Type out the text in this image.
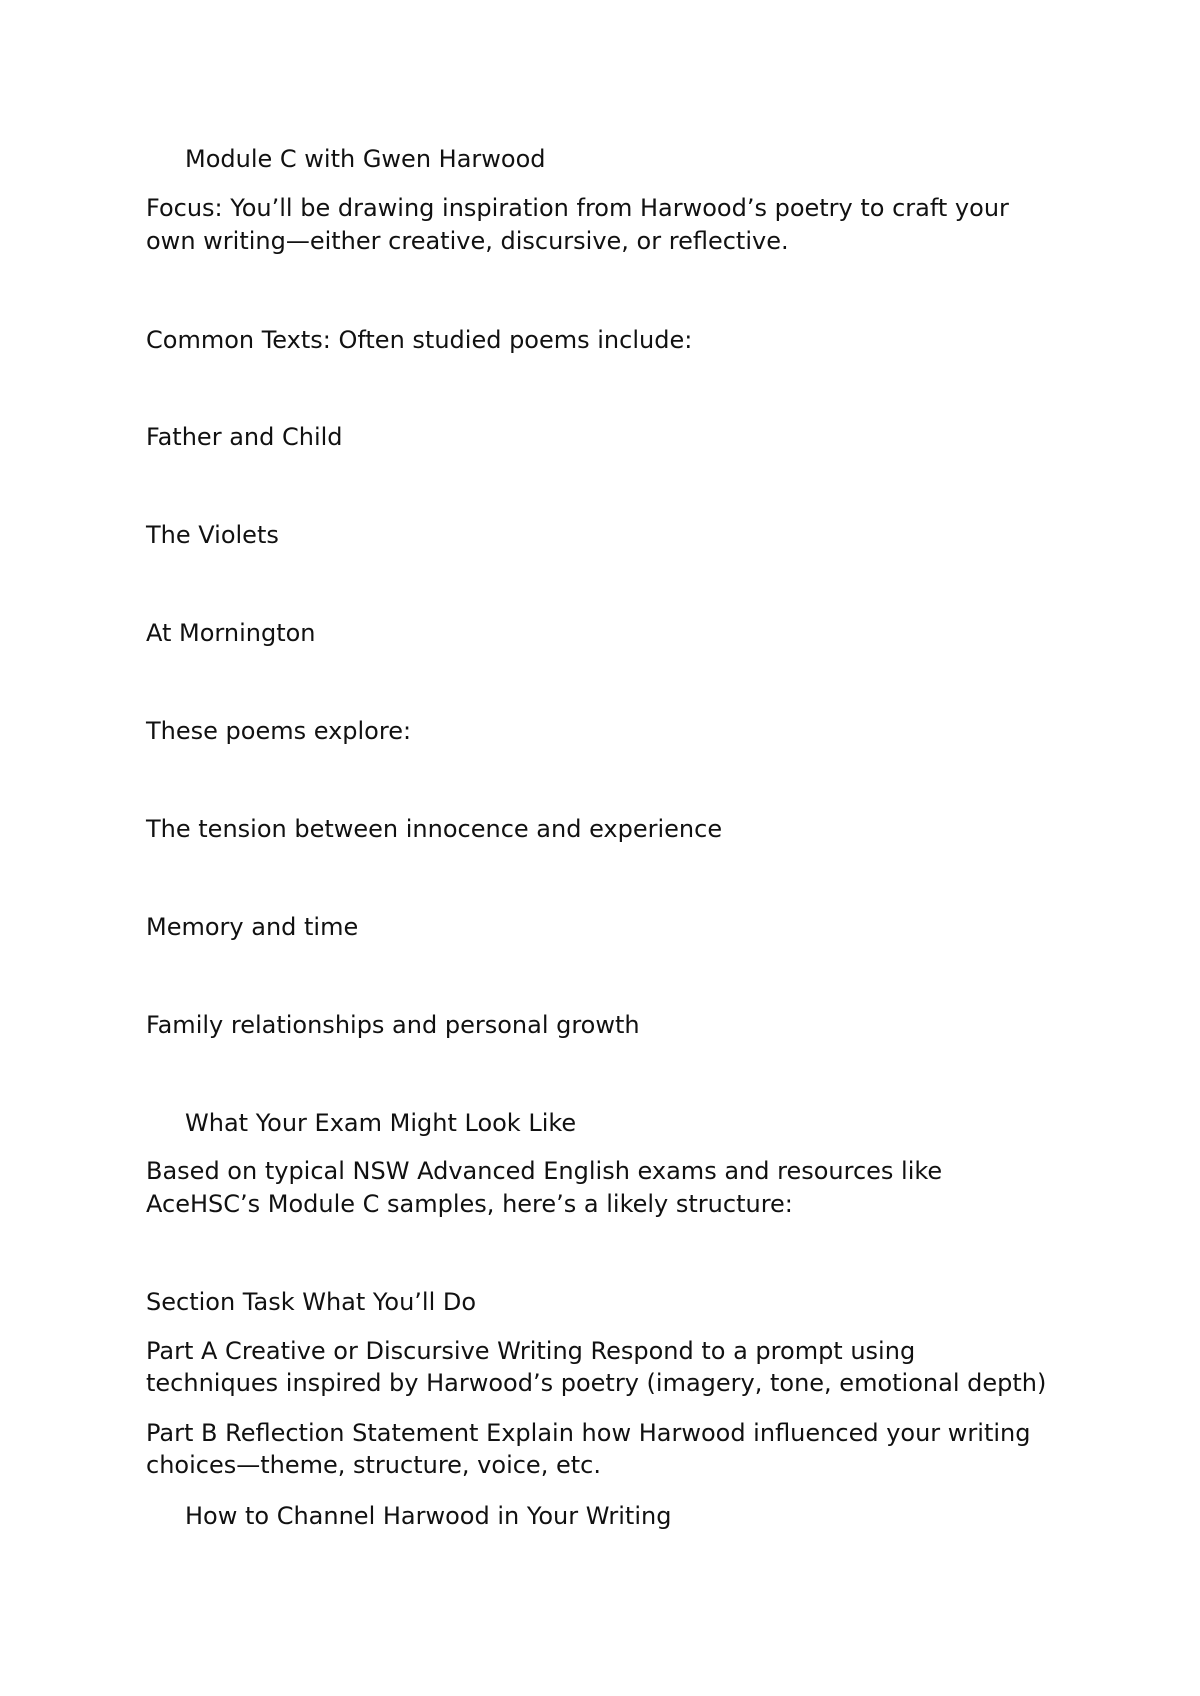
Module C with Gwen Harwood

Focus: You’ll be drawing inspiration from Harwood’s poetry to craft your

own writing—either creative, discursive, or reflective.

Common Texts: Often studied poems include:

Father and Child

The Violets

At Mornington

These poems explore:

The tension between innocence and experience

Memory and time

Family relationships and personal growth

What Your Exam Might Look Like

Based on typical NSW Advanced English exams and resources like

AceHSC’s Module C samples, here’s a likely structure:

Section Task What You’ll Do

Part A Creative or Discursive Writing Respond to a prompt using

techniques inspired by Harwood’s poetry (imagery, tone, emotional depth)

Part B Reflection Statement Explain how Harwood influenced your writing

choices—theme, structure, voice, etc.

How to Channel Harwood in Your Writing
